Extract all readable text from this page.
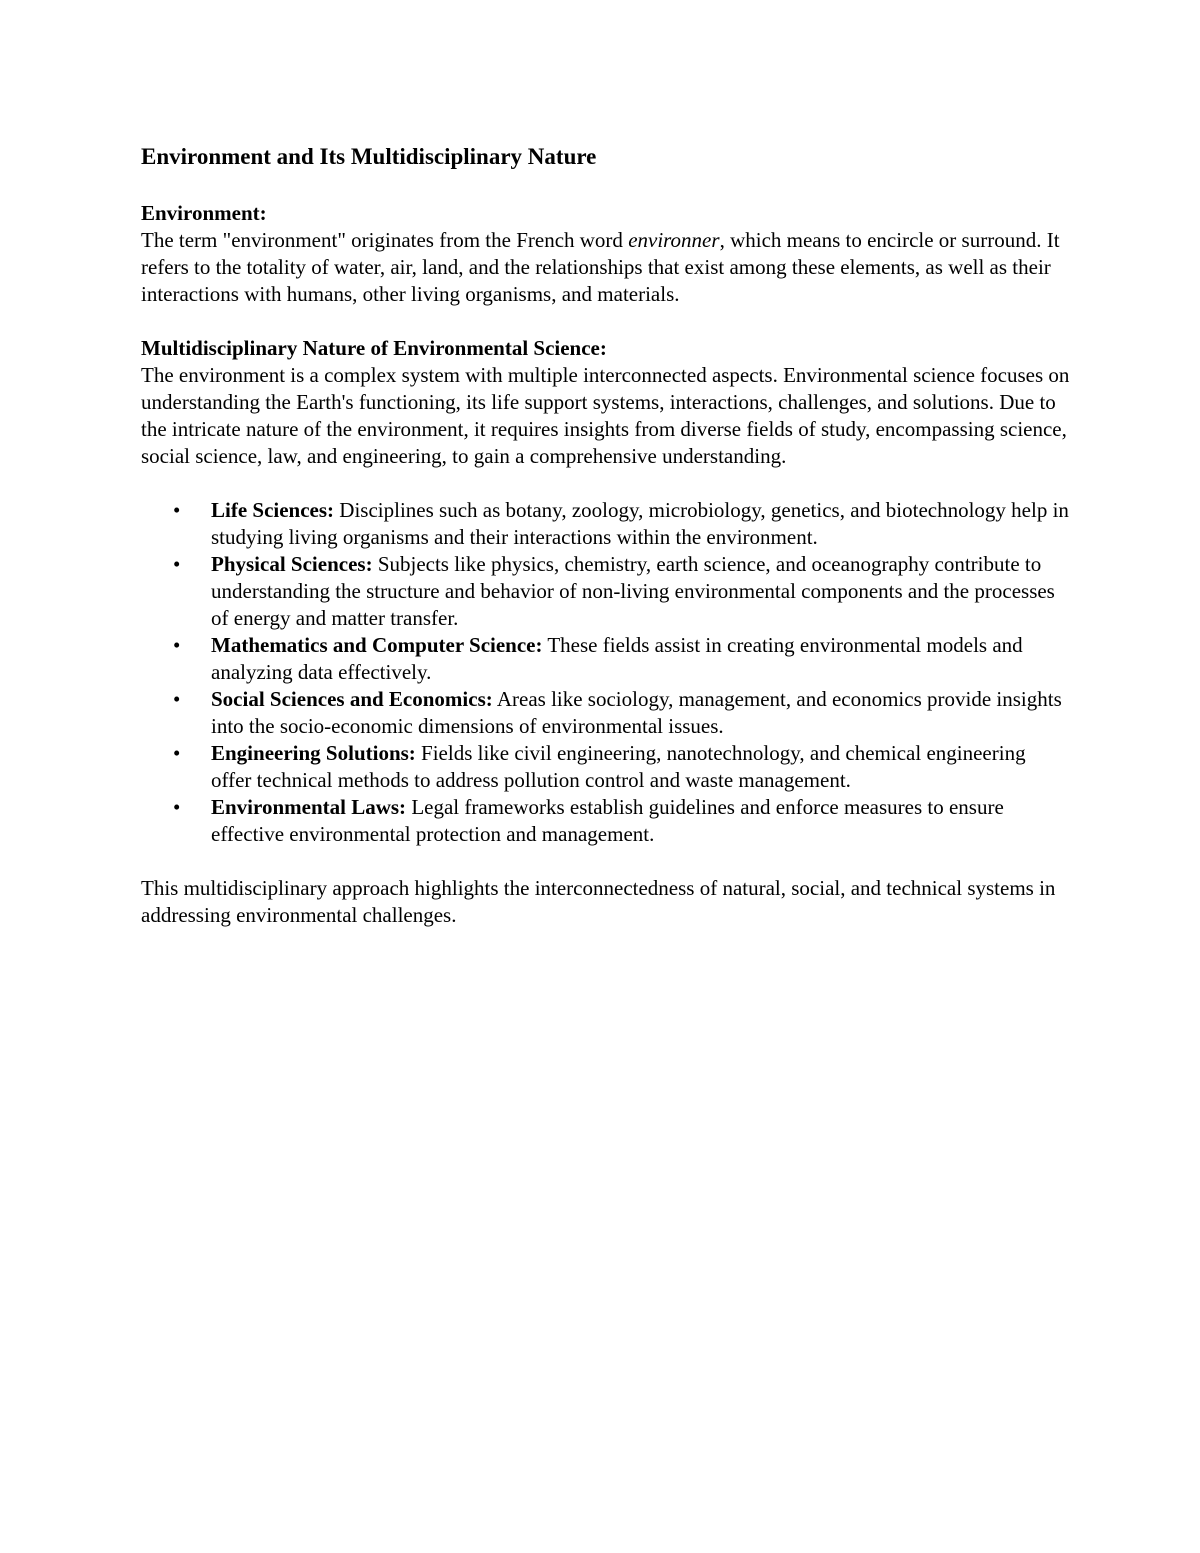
Environment and Its Multidisciplinary Nature

Environment:

The term "environment" originates from the French word environner, which means to encircle or surround. It refers to the totality of water, air, land, and the relationships that exist among these elements, as well as their interactions with humans, other living organisms, and materials.

Multidisciplinary Nature of Environmental Science:

The environment is a complex system with multiple interconnected aspects. Environmental science focuses on understanding the Earth's functioning, its life support systems, interactions, challenges, and solutions. Due to the intricate nature of the environment, it requires insights from diverse fields of study, encompassing science, social science, law, and engineering, to gain a comprehensive understanding.

• Life Sciences: Disciplines such as botany, zoology, microbiology, genetics, and biotechnology help in studying living organisms and their interactions within the environment.
• Physical Sciences: Subjects like physics, chemistry, earth science, and oceanography contribute to understanding the structure and behavior of non-living environmental components and the processes of energy and matter transfer.
• Mathematics and Computer Science: These fields assist in creating environmental models and analyzing data effectively.
• Social Sciences and Economics: Areas like sociology, management, and economics provide insights into the socio-economic dimensions of environmental issues.
• Engineering Solutions: Fields like civil engineering, nanotechnology, and chemical engineering offer technical methods to address pollution control and waste management.
• Environmental Laws: Legal frameworks establish guidelines and enforce measures to ensure effective environmental protection and management.

This multidisciplinary approach highlights the interconnectedness of natural, social, and technical systems in addressing environmental challenges.
